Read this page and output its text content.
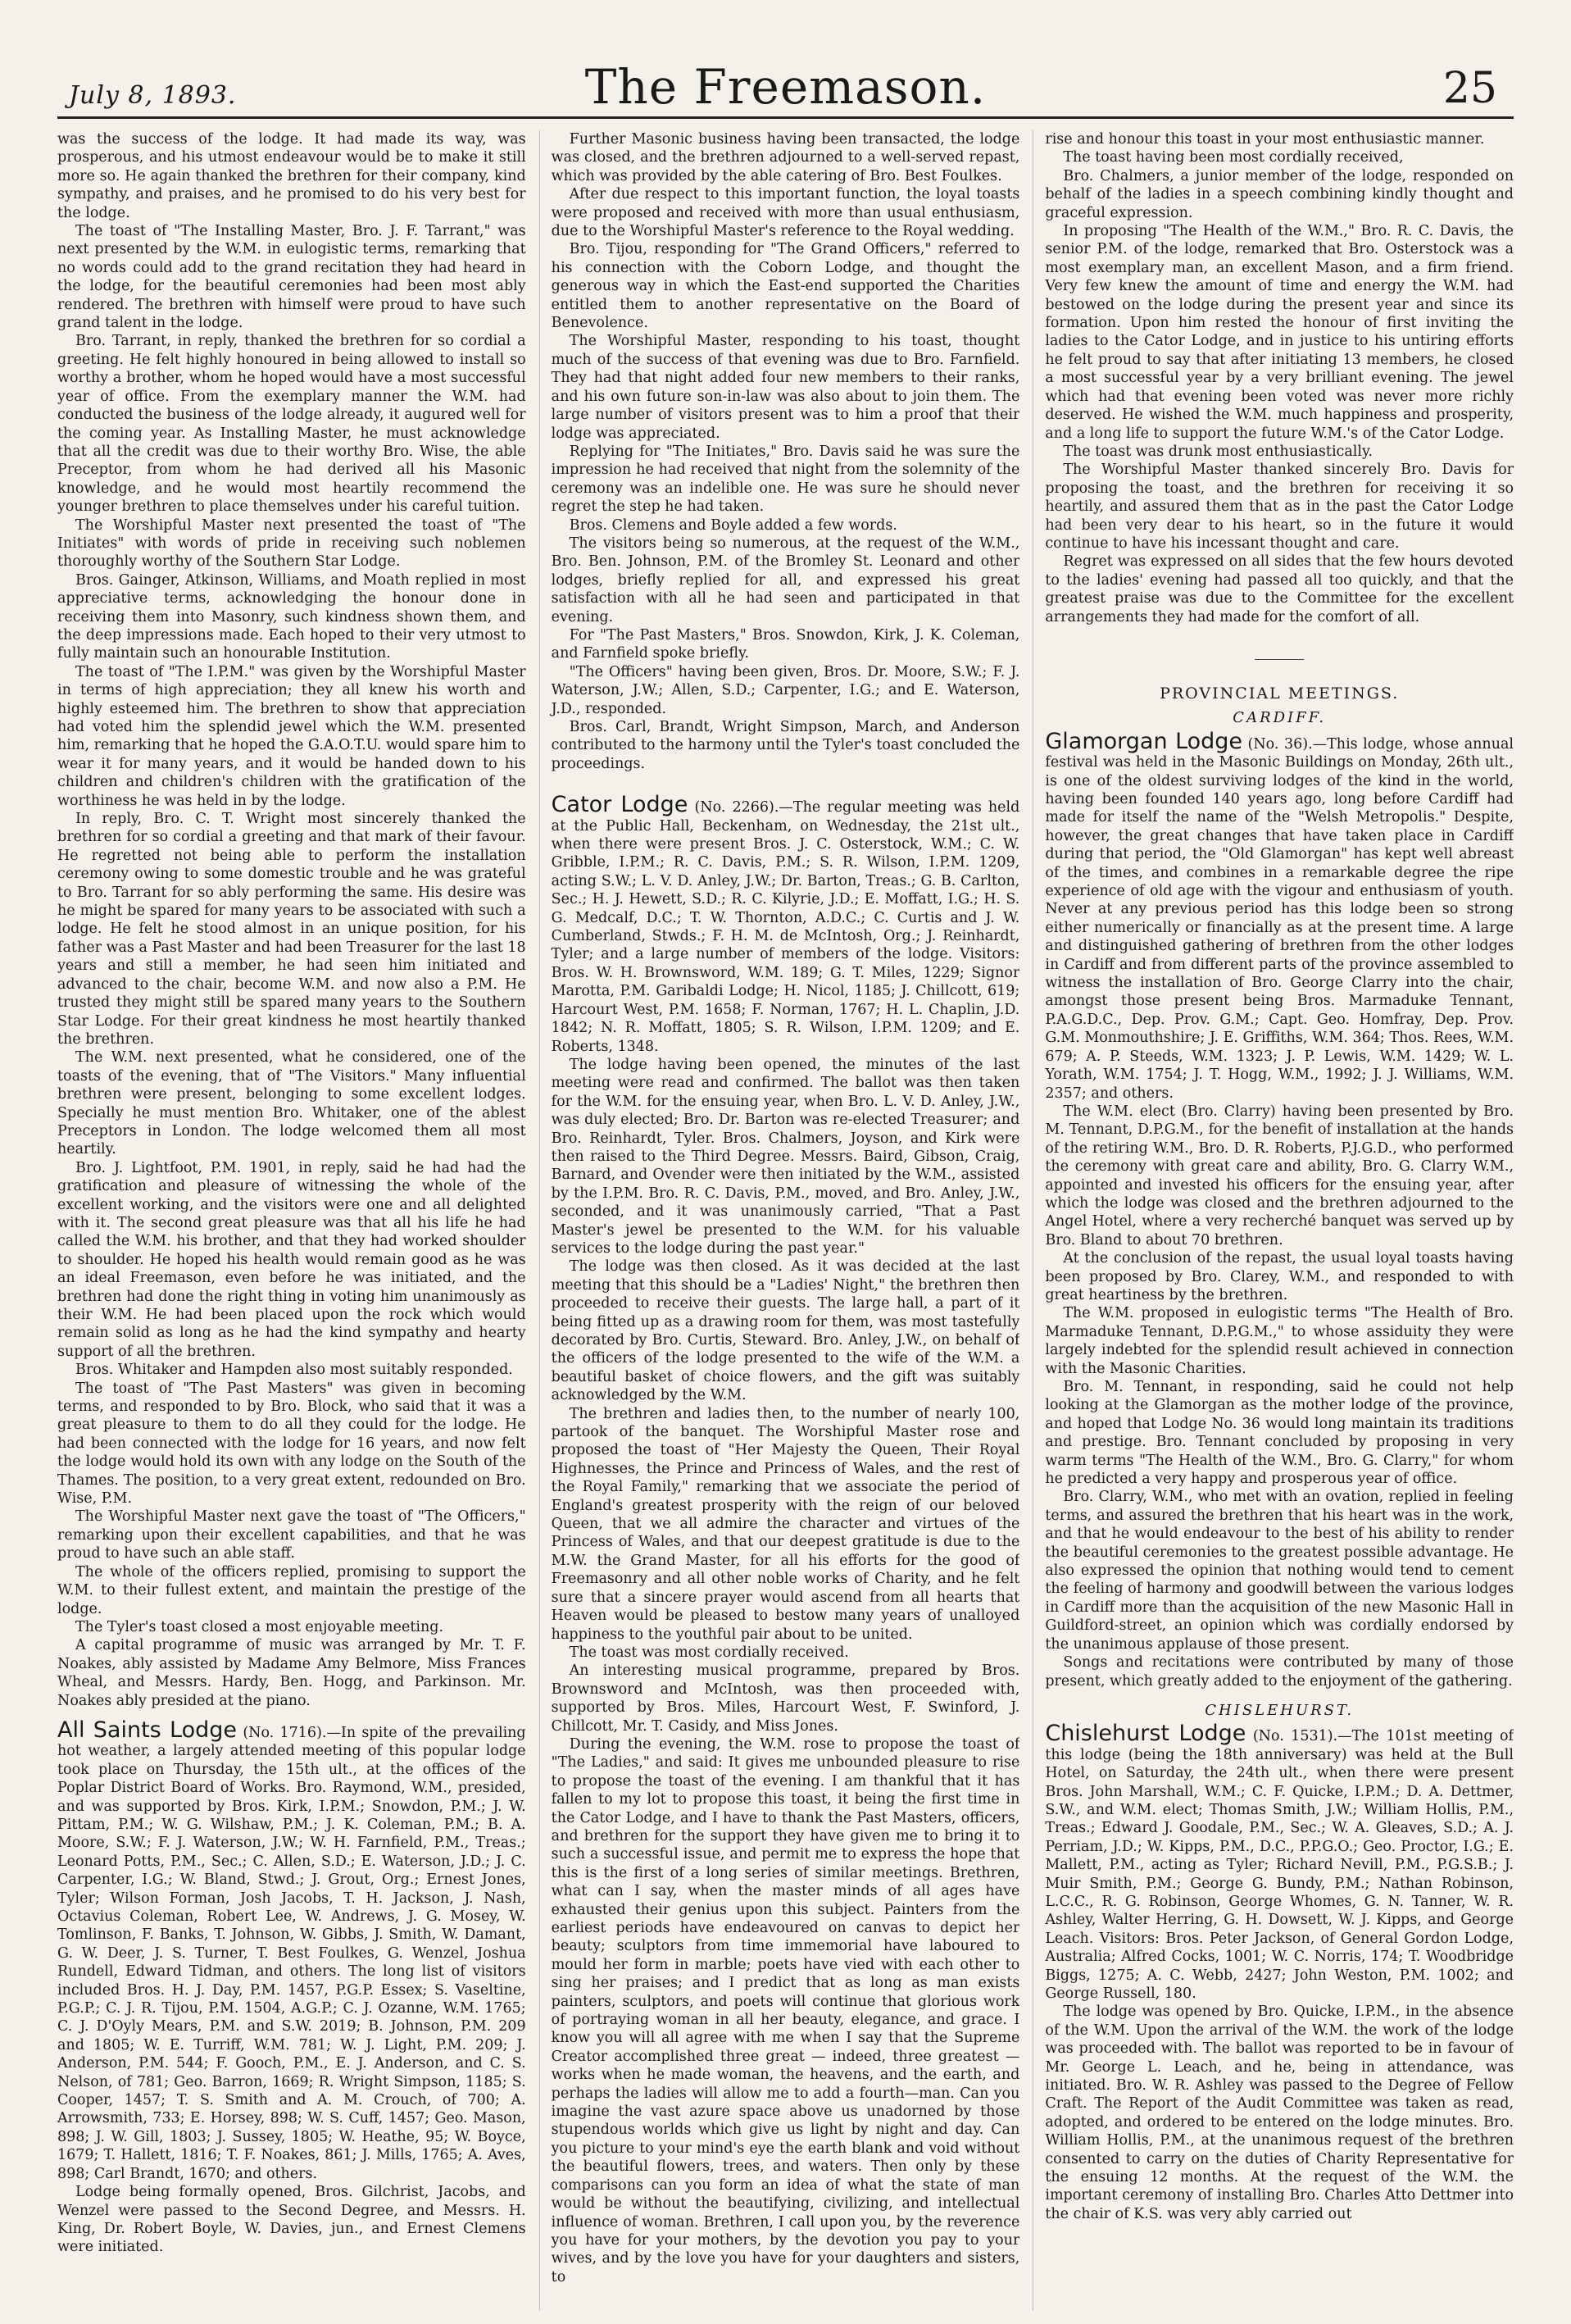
July 8, 1893.	The Freemason.	25

was the success of the lodge. It had made its way, was prosperous, and his utmost endeavour would be to make it still more so. He again thanked the brethren for their company, kind sympathy, and praises, and he promised to do his very best for the lodge.

The toast of "The Installing Master, Bro. J. F. Tarrant," was next presented by the W.M. in eulogistic terms, remarking that no words could add to the grand recitation they had heard in the lodge, for the beautiful ceremonies had been most ably rendered. The brethren with himself were proud to have such grand talent in the lodge.

Bro. Tarrant, in reply, thanked the brethren for so cordial a greeting. He felt highly honoured in being allowed to install so worthy a brother, whom he hoped would have a most successful year of office. From the exemplary manner the W.M. had conducted the business of the lodge already, it augured well for the coming year. As Installing Master, he must acknowledge that all the credit was due to their worthy Bro. Wise, the able Preceptor, from whom he had derived all his Masonic knowledge, and he would most heartily recommend the younger brethren to place themselves under his careful tuition.

The Worshipful Master next presented the toast of "The Initiates" with words of pride in receiving such noblemen thoroughly worthy of the Southern Star Lodge.

Bros. Gainger, Atkinson, Williams, and Moath replied in most appreciative terms, acknowledging the honour done in receiving them into Masonry, such kindness shown them, and the deep impressions made. Each hoped to their very utmost to fully maintain such an honourable Institution.

The toast of "The I.P.M." was given by the Worshipful Master in terms of high appreciation; they all knew his worth and highly esteemed him. The brethren to show that appreciation had voted him the splendid jewel which the W.M. presented him, remarking that he hoped the G.A.O.T.U. would spare him to wear it for many years, and it would be handed down to his children and children's children with the gratification of the worthiness he was held in by the lodge.

In reply, Bro. C. T. Wright most sincerely thanked the brethren for so cordial a greeting and that mark of their favour. He regretted not being able to perform the installation ceremony owing to some domestic trouble and he was grateful to Bro. Tarrant for so ably performing the same. His desire was he might be spared for many years to be associated with such a lodge. He felt he stood almost in an unique position, for his father was a Past Master and had been Treasurer for the last 18 years and still a member, he had seen him initiated and advanced to the chair, become W.M. and now also a P.M. He trusted they might still be spared many years to the Southern Star Lodge. For their great kindness he most heartily thanked the brethren.

The W.M. next presented, what he considered, one of the toasts of the evening, that of "The Visitors." Many influential brethren were present, belonging to some excellent lodges. Specially he must mention Bro. Whitaker, one of the ablest Preceptors in London. The lodge welcomed them all most heartily.

Bro. J. Lightfoot, P.M. 1901, in reply, said he had had the gratification and pleasure of witnessing the whole of the excellent working, and the visitors were one and all delighted with it. The second great pleasure was that all his life he had called the W.M. his brother, and that they had worked shoulder to shoulder. He hoped his health would remain good as he was an ideal Freemason, even before he was initiated, and the brethren had done the right thing in voting him unanimously as their W.M. He had been placed upon the rock which would remain solid as long as he had the kind sympathy and hearty support of all the brethren.

Bros. Whitaker and Hampden also most suitably responded.

The toast of "The Past Masters" was given in becoming terms, and responded to by Bro. Block, who said that it was a great pleasure to them to do all they could for the lodge. He had been connected with the lodge for 16 years, and now felt the lodge would hold its own with any lodge on the South of the Thames. The position, to a very great extent, redounded on Bro. Wise, P.M.

The Worshipful Master next gave the toast of "The Officers," remarking upon their excellent capabilities, and that he was proud to have such an able staff.

The whole of the officers replied, promising to support the W.M. to their fullest extent, and maintain the prestige of the lodge.

The Tyler's toast closed a most enjoyable meeting.

A capital programme of music was arranged by Mr. T. F. Noakes, ably assisted by Madame Amy Belmore, Miss Frances Wheal, and Messrs. Hardy, Ben. Hogg, and Parkinson. Mr. Noakes ably presided at the piano.

All Saints Lodge (No. 1716).—In spite of the prevailing hot weather, a largely attended meeting of this popular lodge took place on Thursday, the 15th ult., at the offices of the Poplar District Board of Works. Bro. Raymond, W.M., presided, and was supported by Bros. Kirk, I.P.M.; Snowdon, P.M.; J. W. Pittam, P.M.; W. G. Wilshaw, P.M.; J. K. Coleman, P.M.; B. A. Moore, S.W.; F. J. Waterson, J.W.; W. H. Farnfield, P.M., Treas.; Leonard Potts, P.M., Sec.; C. Allen, S.D.; E. Waterson, J.D.; J. C. Carpenter, I.G.; W. Bland, Stwd.; J. Grout, Org.; Ernest Jones, Tyler; Wilson Forman, Josh Jacobs, T. H. Jackson, J. Nash, Octavius Coleman, Robert Lee, W. Andrews, J. G. Mosey, W. Tomlinson, F. Banks, T. Johnson, W. Gibbs, J. Smith, W. Damant, G. W. Deer, J. S. Turner, T. Best Foulkes, G. Wenzel, Joshua Rundell, Edward Tidman, and others. The long list of visitors included Bros. H. J. Day, P.M. 1457, P.G.P. Essex; S. Vaseltine, P.G.P.; C. J. R. Tijou, P.M. 1504, A.G.P.; C. J. Ozanne, W.M. 1765; C. J. D'Oyly Mears, P.M. and S.W. 2019; B. Johnson, P.M. 209 and 1805; W. E. Turriff, W.M. 781; W. J. Light, P.M. 209; J. Anderson, P.M. 544; F. Gooch, P.M., E. J. Anderson, and C. S. Nelson, of 781; Geo. Barron, 1669; R. Wright Simpson, 1185; S. Cooper, 1457; T. S. Smith and A. M. Crouch, of 700; A. Arrowsmith, 733; E. Horsey, 898; W. S. Cuff, 1457; Geo. Mason, 898; J. W. Gill, 1803; J. Sussey, 1805; W. Heathe, 95; W. Boyce, 1679; T. Hallett, 1816; T. F. Noakes, 861; J. Mills, 1765; A. Aves, 898; Carl Brandt, 1670; and others.

Lodge being formally opened, Bros. Gilchrist, Jacobs, and Wenzel were passed to the Second Degree, and Messrs. H. King, Dr. Robert Boyle, W. Davies, jun., and Ernest Clemens were initiated.

Further Masonic business having been transacted, the lodge was closed, and the brethren adjourned to a well-served repast, which was provided by the able catering of Bro. Best Foulkes.

After due respect to this important function, the loyal toasts were proposed and received with more than usual enthusiasm, due to the Worshipful Master's reference to the Royal wedding.

Bro. Tijou, responding for "The Grand Officers," referred to his connection with the Coborn Lodge, and thought the generous way in which the East-end supported the Charities entitled them to another representative on the Board of Benevolence.

The Worshipful Master, responding to his toast, thought much of the success of that evening was due to Bro. Farnfield. They had that night added four new members to their ranks, and his own future son-in-law was also about to join them. The large number of visitors present was to him a proof that their lodge was appreciated.

Replying for "The Initiates," Bro. Davis said he was sure the impression he had received that night from the solemnity of the ceremony was an indelible one. He was sure he should never regret the step he had taken.

Bros. Clemens and Boyle added a few words.

The visitors being so numerous, at the request of the W.M., Bro. Ben. Johnson, P.M. of the Bromley St. Leonard and other lodges, briefly replied for all, and expressed his great satisfaction with all he had seen and participated in that evening.

For "The Past Masters," Bros. Snowdon, Kirk, J. K. Coleman, and Farnfield spoke briefly.

"The Officers" having been given, Bros. Dr. Moore, S.W.; F. J. Waterson, J.W.; Allen, S.D.; Carpenter, I.G.; and E. Waterson, J.D., responded.

Bros. Carl, Brandt, Wright Simpson, March, and Anderson contributed to the harmony until the Tyler's toast concluded the proceedings.

Cator Lodge (No. 2266).—The regular meeting was held at the Public Hall, Beckenham, on Wednesday, the 21st ult., when there were present Bros. J. C. Osterstock, W.M.; C. W. Gribble, I.P.M.; R. C. Davis, P.M.; S. R. Wilson, I.P.M. 1209, acting S.W.; L. V. D. Anley, J.W.; Dr. Barton, Treas.; G. B. Carlton, Sec.; H. J. Hewett, S.D.; R. C. Kilyrie, J.D.; E. Moffatt, I.G.; H. S. G. Medcalf, D.C.; T. W. Thornton, A.D.C.; C. Curtis and J. W. Cumberland, Stwds.; F. H. M. de McIntosh, Org.; J. Reinhardt, Tyler; and a large number of members of the lodge. Visitors: Bros. W. H. Brownsword, W.M. 189; G. T. Miles, 1229; Signor Marotta, P.M. Garibaldi Lodge; H. Nicol, 1185; J. Chillcott, 619; Harcourt West, P.M. 1658; F. Norman, 1767; H. L. Chaplin, J.D. 1842; N. R. Moffatt, 1805; S. R. Wilson, I.P.M. 1209; and E. Roberts, 1348.

The lodge having been opened, the minutes of the last meeting were read and confirmed. The ballot was then taken for the W.M. for the ensuing year, when Bro. L. V. D. Anley, J.W., was duly elected; Bro. Dr. Barton was re-elected Treasurer; and Bro. Reinhardt, Tyler. Bros. Chalmers, Joyson, and Kirk were then raised to the Third Degree. Messrs. Baird, Gibson, Craig, Barnard, and Ovender were then initiated by the W.M., assisted by the I.P.M. Bro. R. C. Davis, P.M., moved, and Bro. Anley, J.W., seconded, and it was unanimously carried, "That a Past Master's jewel be presented to the W.M. for his valuable services to the lodge during the past year."

The lodge was then closed. As it was decided at the last meeting that this should be a "Ladies' Night," the brethren then proceeded to receive their guests. The large hall, a part of it being fitted up as a drawing room for them, was most tastefully decorated by Bro. Curtis, Steward. Bro. Anley, J.W., on behalf of the officers of the lodge presented to the wife of the W.M. a beautiful basket of choice flowers, and the gift was suitably acknowledged by the W.M.

The brethren and ladies then, to the number of nearly 100, partook of the banquet. The Worshipful Master rose and proposed the toast of "Her Majesty the Queen, Their Royal Highnesses, the Prince and Princess of Wales, and the rest of the Royal Family," remarking that we associate the period of England's greatest prosperity with the reign of our beloved Queen, that we all admire the character and virtues of the Princess of Wales, and that our deepest gratitude is due to the M.W. the Grand Master, for all his efforts for the good of Freemasonry and all other noble works of Charity, and he felt sure that a sincere prayer would ascend from all hearts that Heaven would be pleased to bestow many years of unalloyed happiness to the youthful pair about to be united.

The toast was most cordially received.

An interesting musical programme, prepared by Bros. Brownsword and McIntosh, was then proceeded with, supported by Bros. Miles, Harcourt West, F. Swinford, J. Chillcott, Mr. T. Casidy, and Miss Jones.

During the evening, the W.M. rose to propose the toast of "The Ladies," and said: It gives me unbounded pleasure to rise to propose the toast of the evening. I am thankful that it has fallen to my lot to propose this toast, it being the first time in the Cator Lodge, and I have to thank the Past Masters, officers, and brethren for the support they have given me to bring it to such a successful issue, and permit me to express the hope that this is the first of a long series of similar meetings. Brethren, what can I say, when the master minds of all ages have exhausted their genius upon this subject. Painters from the earliest periods have endeavoured on canvas to depict her beauty; sculptors from time immemorial have laboured to mould her form in marble; poets have vied with each other to sing her praises; and I predict that as long as man exists painters, sculptors, and poets will continue that glorious work of portraying woman in all her beauty, elegance, and grace. I know you will all agree with me when I say that the Supreme Creator accomplished three great — indeed, three greatest — works when he made woman, the heavens, and the earth, and perhaps the ladies will allow me to add a fourth—man. Can you imagine the vast azure space above us unadorned by those stupendous worlds which give us light by night and day. Can you picture to your mind's eye the earth blank and void without the beautiful flowers, trees, and waters. Then only by these comparisons can you form an idea of what the state of man would be without the beautifying, civilizing, and intellectual influence of woman. Brethren, I call upon you, by the reverence you have for your mothers, by the devotion you pay to your wives, and by the love you have for your daughters and sisters, to

rise and honour this toast in your most enthusiastic manner.

The toast having been most cordially received,

Bro. Chalmers, a junior member of the lodge, responded on behalf of the ladies in a speech combining kindly thought and graceful expression.

In proposing "The Health of the W.M.," Bro. R. C. Davis, the senior P.M. of the lodge, remarked that Bro. Osterstock was a most exemplary man, an excellent Mason, and a firm friend. Very few knew the amount of time and energy the W.M. had bestowed on the lodge during the present year and since its formation. Upon him rested the honour of first inviting the ladies to the Cator Lodge, and in justice to his untiring efforts he felt proud to say that after initiating 13 members, he closed a most successful year by a very brilliant evening. The jewel which had that evening been voted was never more richly deserved. He wished the W.M. much happiness and prosperity, and a long life to support the future W.M.'s of the Cator Lodge.

The toast was drunk most enthusiastically.

The Worshipful Master thanked sincerely Bro. Davis for proposing the toast, and the brethren for receiving it so heartily, and assured them that as in the past the Cator Lodge had been very dear to his heart, so in the future it would continue to have his incessant thought and care.

Regret was expressed on all sides that the few hours devoted to the ladies' evening had passed all too quickly, and that the greatest praise was due to the Committee for the excellent arrangements they had made for the comfort of all.

PROVINCIAL MEETINGS.
CARDIFF.

Glamorgan Lodge (No. 36).—This lodge, whose annual festival was held in the Masonic Buildings on Monday, 26th ult., is one of the oldest surviving lodges of the kind in the world, having been founded 140 years ago, long before Cardiff had made for itself the name of the "Welsh Metropolis." Despite, however, the great changes that have taken place in Cardiff during that period, the "Old Glamorgan" has kept well abreast of the times, and combines in a remarkable degree the ripe experience of old age with the vigour and enthusiasm of youth. Never at any previous period has this lodge been so strong either numerically or financially as at the present time. A large and distinguished gathering of brethren from the other lodges in Cardiff and from different parts of the province assembled to witness the installation of Bro. George Clarry into the chair, amongst those present being Bros. Marmaduke Tennant, P.A.G.D.C., Dep. Prov. G.M.; Capt. Geo. Homfray, Dep. Prov. G.M. Monmouthshire; J. E. Griffiths, W.M. 364; Thos. Rees, W.M. 679; A. P. Steeds, W.M. 1323; J. P. Lewis, W.M. 1429; W. L. Yorath, W.M. 1754; J. T. Hogg, W.M., 1992; J. J. Williams, W.M. 2357; and others.

The W.M. elect (Bro. Clarry) having been presented by Bro. M. Tennant, D.P.G.M., for the benefit of installation at the hands of the retiring W.M., Bro. D. R. Roberts, P.J.G.D., who performed the ceremony with great care and ability, Bro. G. Clarry W.M., appointed and invested his officers for the ensuing year, after which the lodge was closed and the brethren adjourned to the Angel Hotel, where a very recherché banquet was served up by Bro. Bland to about 70 brethren.

At the conclusion of the repast, the usual loyal toasts having been proposed by Bro. Clarey, W.M., and responded to with great heartiness by the brethren.

The W.M. proposed in eulogistic terms "The Health of Bro. Marmaduke Tennant, D.P.G.M.," to whose assiduity they were largely indebted for the splendid result achieved in connection with the Masonic Charities.

Bro. M. Tennant, in responding, said he could not help looking at the Glamorgan as the mother lodge of the province, and hoped that Lodge No. 36 would long maintain its traditions and prestige. Bro. Tennant concluded by proposing in very warm terms "The Health of the W.M., Bro. G. Clarry," for whom he predicted a very happy and prosperous year of office.

Bro. Clarry, W.M., who met with an ovation, replied in feeling terms, and assured the brethren that his heart was in the work, and that he would endeavour to the best of his ability to render the beautiful ceremonies to the greatest possible advantage. He also expressed the opinion that nothing would tend to cement the feeling of harmony and goodwill between the various lodges in Cardiff more than the acquisition of the new Masonic Hall in Guildford-street, an opinion which was cordially endorsed by the unanimous applause of those present.

Songs and recitations were contributed by many of those present, which greatly added to the enjoyment of the gathering.

CHISLEHURST.

Chislehurst Lodge (No. 1531).—The 101st meeting of this lodge (being the 18th anniversary) was held at the Bull Hotel, on Saturday, the 24th ult., when there were present Bros. John Marshall, W.M.; C. F. Quicke, I.P.M.; D. A. Dettmer, S.W., and W.M. elect; Thomas Smith, J.W.; William Hollis, P.M., Treas.; Edward J. Goodale, P.M., Sec.; W. A. Gleaves, S.D.; A. J. Perriam, J.D.; W. Kipps, P.M., D.C., P.P.G.O.; Geo. Proctor, I.G.; E. Mallett, P.M., acting as Tyler; Richard Nevill, P.M., P.G.S.B.; J. Muir Smith, P.M.; George G. Bundy, P.M.; Nathan Robinson, L.C.C., R. G. Robinson, George Whomes, G. N. Tanner, W. R. Ashley, Walter Herring, G. H. Dowsett, W. J. Kipps, and George Leach. Visitors: Bros. Peter Jackson, of General Gordon Lodge, Australia; Alfred Cocks, 1001; W. C. Norris, 174; T. Woodbridge Biggs, 1275; A. C. Webb, 2427; John Weston, P.M. 1002; and George Russell, 180.

The lodge was opened by Bro. Quicke, I.P.M., in the absence of the W.M. Upon the arrival of the W.M. the work of the lodge was proceeded with. The ballot was reported to be in favour of Mr. George L. Leach, and he, being in attendance, was initiated. Bro. W. R. Ashley was passed to the Degree of Fellow Craft. The Report of the Audit Committee was taken as read, adopted, and ordered to be entered on the lodge minutes. Bro. William Hollis, P.M., at the unanimous request of the brethren consented to carry on the duties of Charity Representative for the ensuing 12 months. At the request of the W.M. the important ceremony of installing Bro. Charles Atto Dettmer into the chair of K.S. was very ably carried out
